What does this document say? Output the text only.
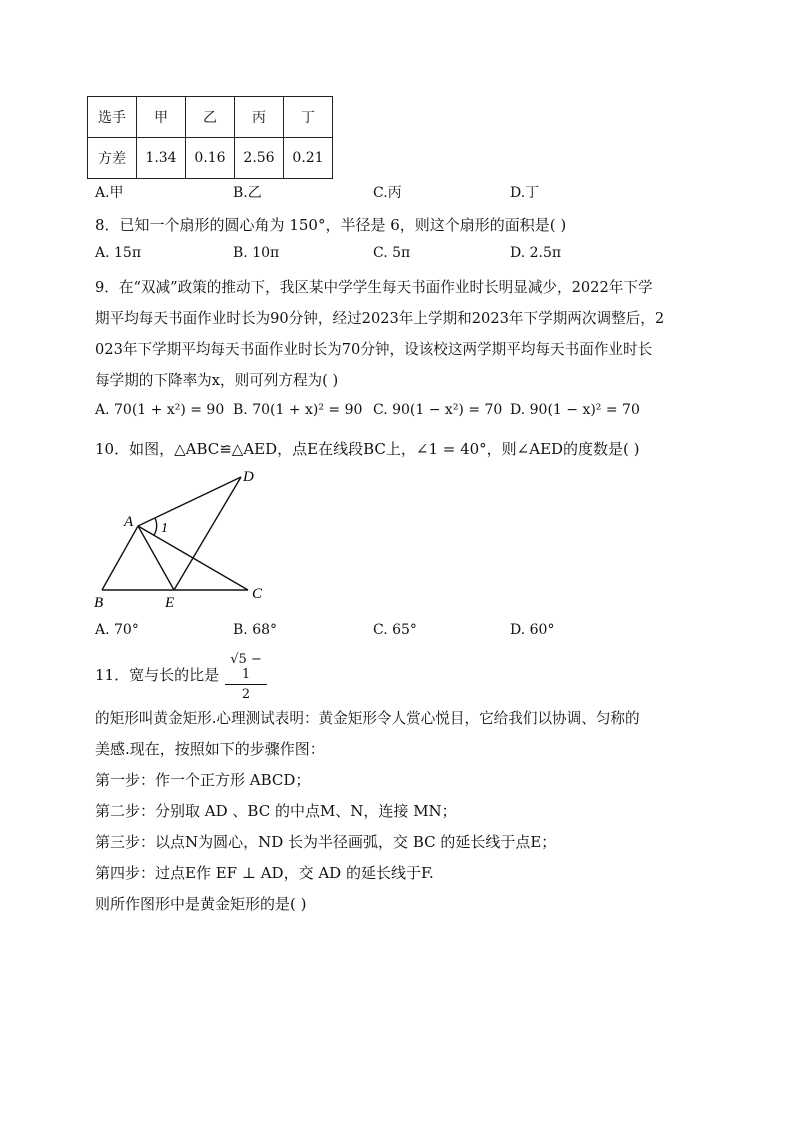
选手	甲	乙	丙	丁
方差	1.34	0.16	2.56	0.21
A.甲	B.乙	C.丙	D.丁
8．已知一个扇形的圆心角为 150°，半径是 6，则这个扇形的面积是( )
A. 15π	B. 10π	C. 5π	D. 2.5π
9．在“双减”政策的推动下，我区某中学学生每天书面作业时长明显减少，2022年下学
期平均每天书面作业时长为90分钟，经过2023年上学期和2023年下学期两次调整后，2
023年下学期平均每天书面作业时长为70分钟，设该校这两学期平均每天书面作业时长
每学期的下降率为x，则可列方程为( )
A. 70(1 + x²) = 90 B. 70(1 + x)² = 90 C. 90(1 − x²) = 70 D. 90(1 − x)² = 70
10．如图，△ABC≌△AED，点E在线段BC上，∠1 = 40°，则∠AED的度数是( )
A
B
C
D
E
1
A. 70°	B. 68°	C. 65°	D. 60°
11．宽与长的比是 $\frac{√5 - 1}{2}$
的矩形叫黄金矩形.心理测试表明：黄金矩形令人赏心悦目，它给我们以协调、匀称的
美感.现在，按照如下的步骤作图：
第一步：作一个正方形 ABCD；
第二步：分别取 AD 、BC 的中点M、N，连接 MN；
第三步：以点N为圆心，ND 长为半径画弧，交 BC 的延长线于点E；
第四步：过点E作 EF ⊥ AD，交 AD 的延长线于F.
则所作图形中是黄金矩形的是( )
